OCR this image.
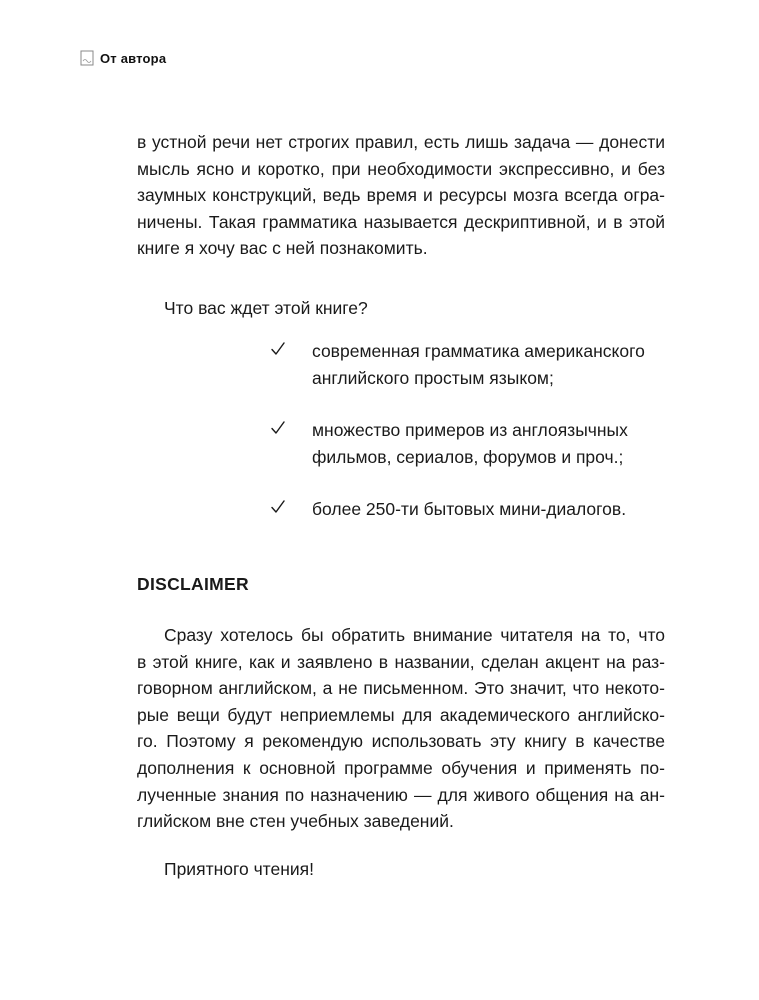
От автора
в устной речи нет строгих правил, есть лишь задача — донести
мысль ясно и коротко, при необходимости экспрессивно, и без
заумных конструкций, ведь время и ресурсы мозга всегда огра-
ничены. Такая грамматика называется дескриптивной, и в этой
книге я хочу вас с ней познакомить.

Что вас ждет этой книге?

современная грамматика американского
английского простым языком;
множество примеров из англоязычных
фильмов, сериалов, форумов и проч.;
более 250-ти бытовых мини-диалогов.
DISCLAIMER
Сразу хотелось бы обратить внимание читателя на то, что
в этой книге, как и заявлено в названии, сделан акцент на раз-
говорном английском, а не письменном. Это значит, что некото-
рые вещи будут неприемлемы для академического английско-
го. Поэтому я рекомендую использовать эту книгу в качестве
дополнения к основной программе обучения и применять по-
лученные знания по назначению — для живого общения на ан-
глийском вне стен учебных заведений.

Приятного чтения!
